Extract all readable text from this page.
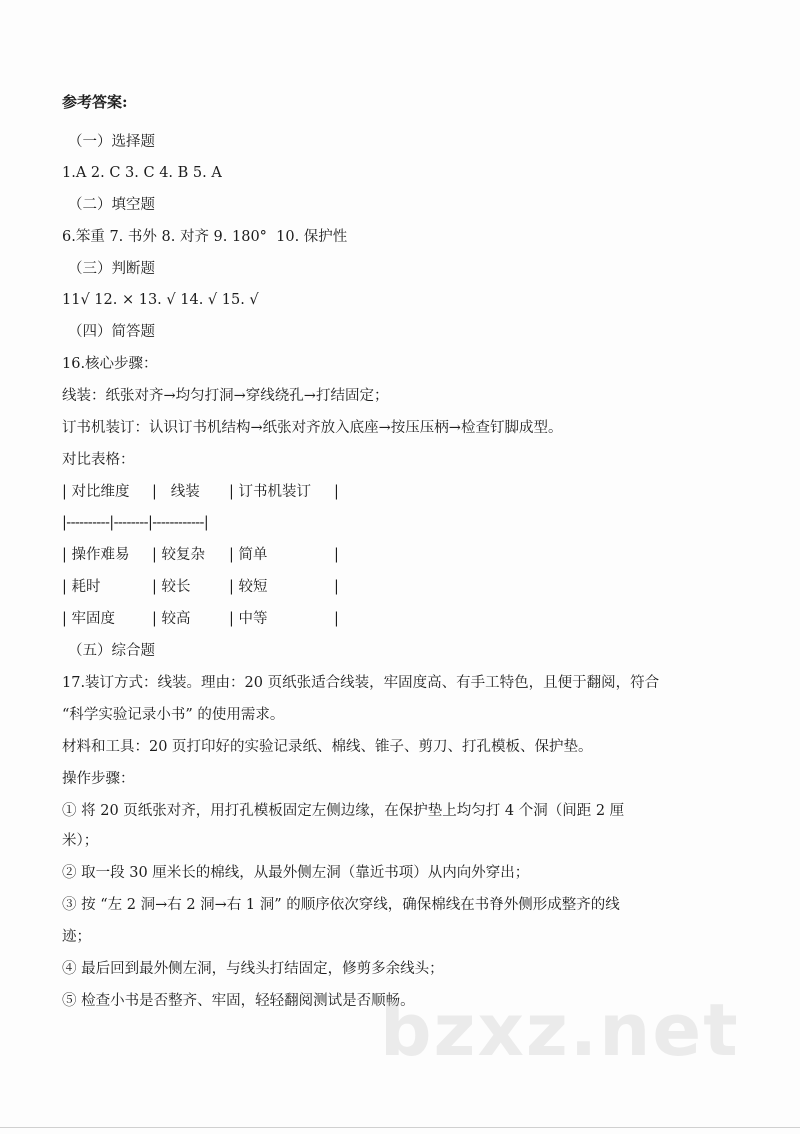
参考答案:
（一）选择题
1.A 2. C 3. C 4. B 5. A
（二）填空题
6.笨重 7. 书外 8. 对齐 9. 180°  10. 保护性
（三）判断题
11√ 12. × 13. √ 14. √ 15. √
（四）简答题
16.核心步骤：
线装：纸张对齐→均匀打洞→穿线绕孔→打结固定；
订书机装订：认识订书机结构→纸张对齐放入底座→按压压柄→检查钉脚成型。
对比表格：
| 对比维度 |   线装 | 订书机装订 |
|----------|--------|------------|
| 操作难易 | 较复杂 | 简单	|
| 耗时	| 较长	| 较短	|
| 牢固度	| 较高	| 中等	|
（五）综合题
17.装订方式：线装。理由：20 页纸张适合线装，牢固度高、有手工特色，且便于翻阅，符合
“科学实验记录小书” 的使用需求。
材料和工具：20 页打印好的实验记录纸、棉线、锥子、剪刀、打孔模板、保护垫。
操作步骤：
① 将 20 页纸张对齐，用打孔模板固定左侧边缘，在保护垫上均匀打 4 个洞（间距 2 厘
米）；
② 取一段 30 厘米长的棉线，从最外侧左洞（靠近书项）从内向外穿出；
③ 按 “左 2 洞→右 2 洞→右 1 洞” 的顺序依次穿线，确保棉线在书脊外侧形成整齐的线
迹；
④ 最后回到最外侧左洞，与线头打结固定，修剪多余线头；
⑤ 检查小书是否整齐、牢固，轻轻翻阅测试是否顺畅。
bzxz.net
